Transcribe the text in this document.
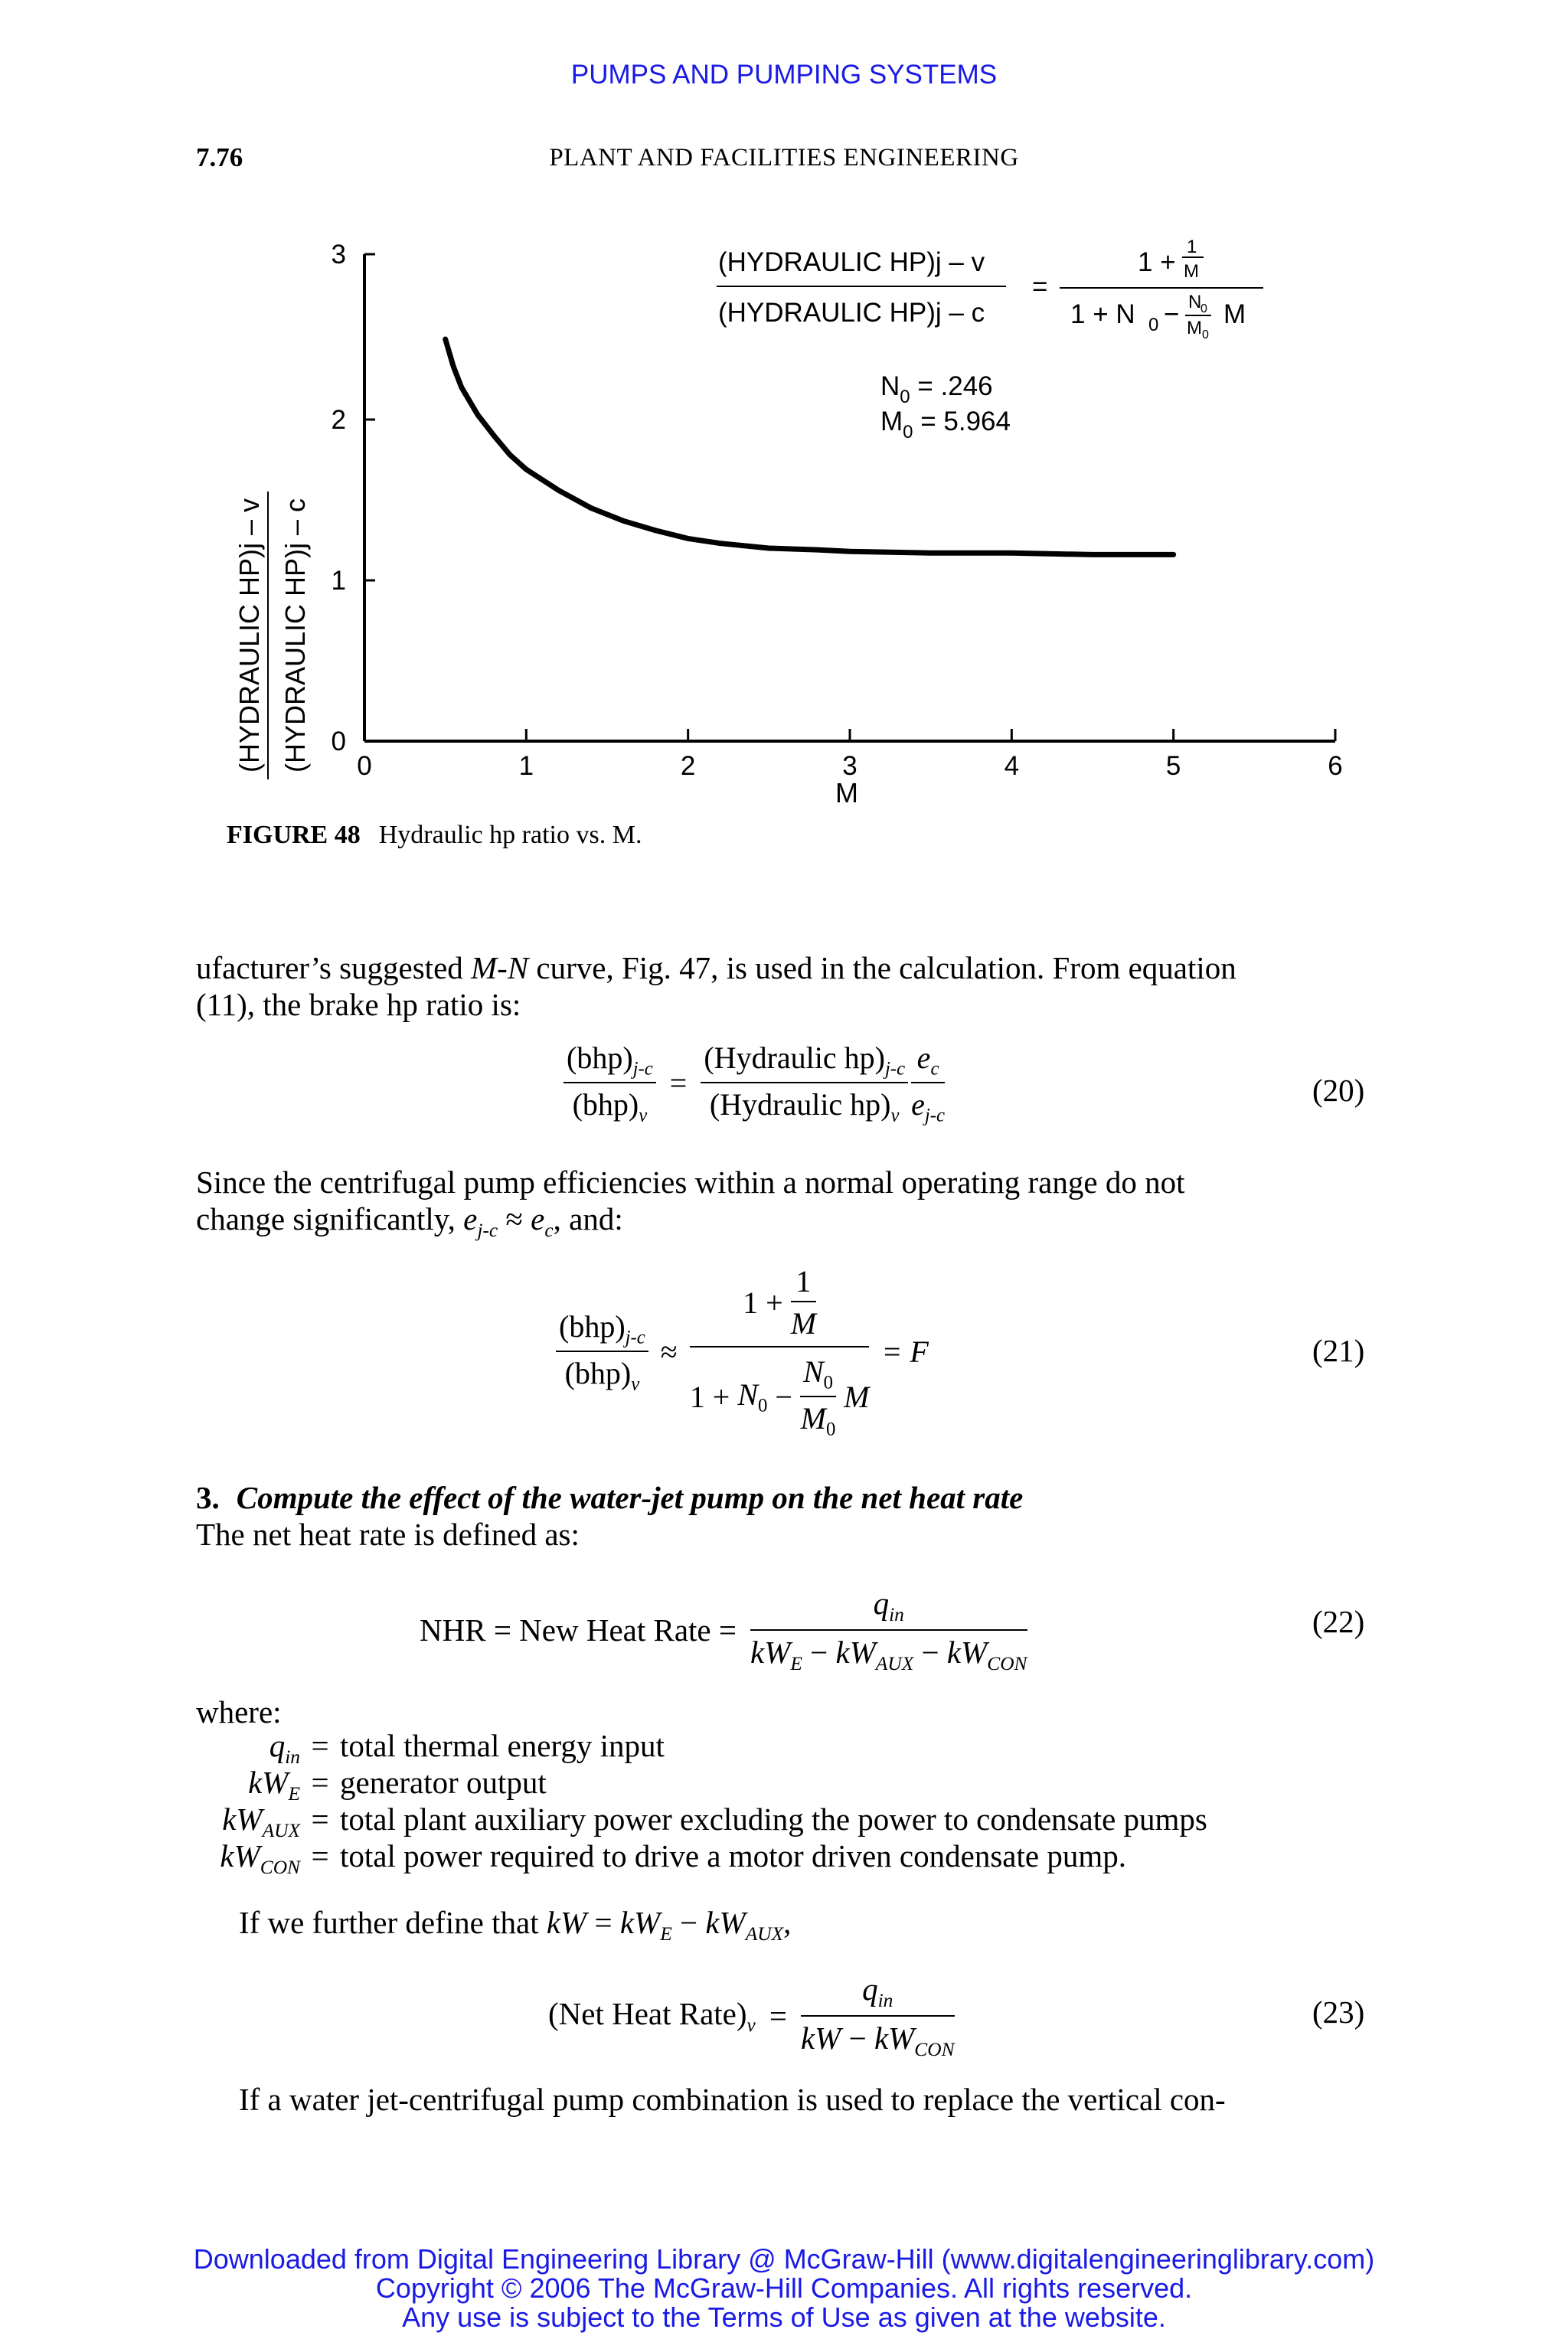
PUMPS AND PUMPING SYSTEMS
7.76	PLANT AND FACILITIES ENGINEERING
0	1	2	3	4	5	6
0
1
2
3
(HYDRAULIC HP)j – v (HYDRAULIC HP)j – c
M
(HYDRAULIC HP)j – v
(HYDRAULIC HP)j – c
=
1 +
1
M
1 + N 0 − N
0
M 0
M
$N_0 = .246$
$M_0 = 5.964$
FIGURE 48 Hydraulic hp ratio vs. M.
ufacturer’s suggested M-N curve, Fig. 47, is used in the calculation. From equation
(11), the brake hp ratio is:
$\frac{(bhp)_{j-c}}{(bhp)_v} = \frac{(Hydraulic hp)_{j-c}}{(Hydraulic hp)_v} \frac{e_c}{e_{j-c}}$	(20)
Since the centrifugal pump efficiencies within a normal operating range do not
change significantly, $e_{j-c} \approx e_c$, and:
$\frac{(bhp)_{j-c}}{(bhp)_v} \approx \frac{1 + \frac{1}{M}}{1 + N_0 - \frac{N_0}{M_0} M} = F$	(21)
3. Compute the effect of the water-jet pump on the net heat rate
The net heat rate is defined as:
NHR = New Heat Rate = $\frac{q_{in}}{kW_E - kW_{AUX} - kW_{CON}}$	(22)
where:
$q_{in}$ = total thermal energy input
$kW_E$ = generator output
$kW_{AUX}$ = total plant auxiliary power excluding the power to condensate pumps
$kW_{CON}$ = total power required to drive a motor driven condensate pump.
If we further define that kW = $kW_E - kW_{AUX}$,
(Net Heat $Rate)_v = \frac{q_{in}}{kW - kW_{CON}}$	(23)
If a water jet-centrifugal pump combination is used to replace the vertical con-
Downloaded from Digital Engineering Library @ McGraw-Hill (www.digitalengineeringlibrary.com)
Copyright © 2006 The McGraw-Hill Companies. All rights reserved.
Any use is subject to the Terms of Use as given at the website.
